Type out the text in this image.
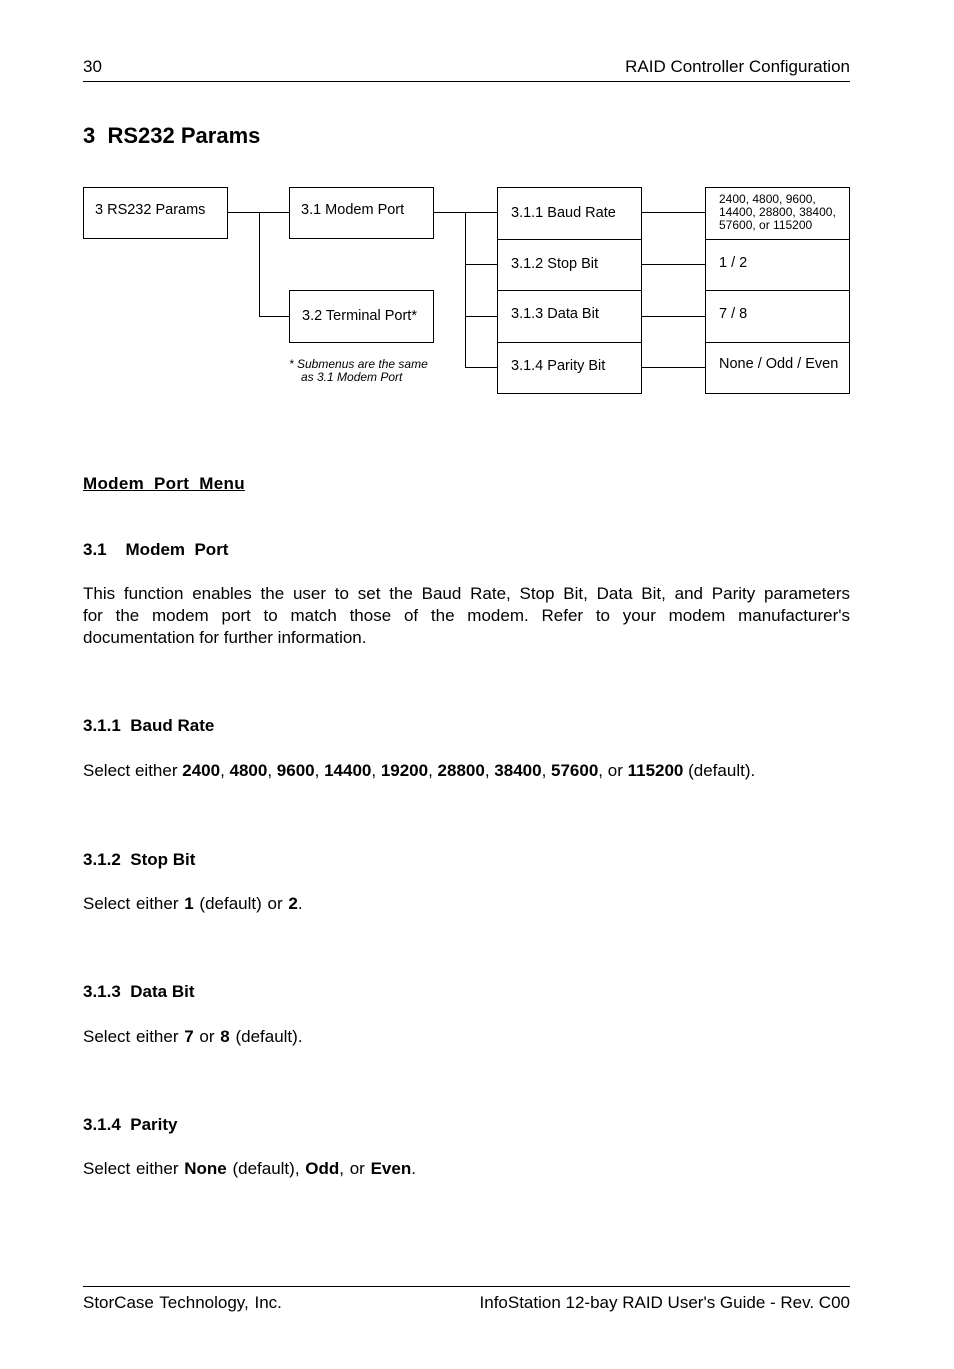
30	RAID Controller Configuration
3 RS232 Params
3 RS232 Params	3.1 Modem Port
3.2 Terminal Port*
* Submenus are the same
as 3.1 Modem Port
3.1.1 Baud Rate
3.1.2 Stop Bit
3.1.3 Data Bit
3.1.4 Parity Bit
2400, 4800, 9600,
14400, 28800, 38400,
57600, or 115200
1 / 2
7 / 8
None / Odd / Even
Modem  Port  Menu
3.1    Modem  Port
This function enables the user to set the Baud Rate, Stop Bit, Data Bit, and Parity parameters
for the modem port to match those of the modem. Refer to your modem manufacturer's
documentation for further information.
3.1.1  Baud Rate
Select either 2400, 4800, 9600, 14400, 19200, 28800, 38400, 57600, or 115200 (default).
3.1.2  Stop Bit
Select either 1 (default) or 2.
3.1.3  Data Bit
Select either 7 or 8 (default).
3.1.4  Parity
Select either None (default), Odd, or Even.
StorCase Technology, Inc.	InfoStation 12-bay RAID User's Guide - Rev. C00
